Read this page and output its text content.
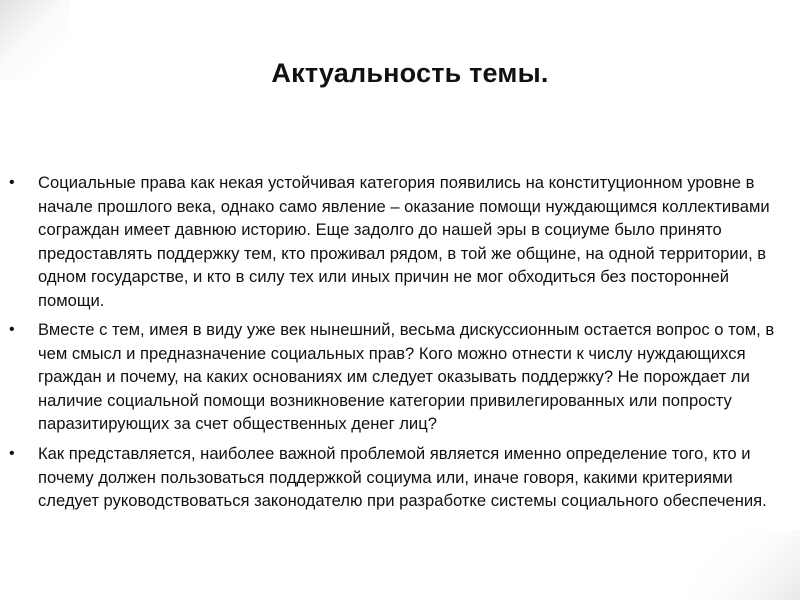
Актуальность темы.
• Социальные права как некая устойчивая категория появились на конституционном уровне в начале прошлого века, однако само явление – оказание помощи нуждающимся коллективами сограждан имеет давнюю историю. Еще задолго до нашей эры в социуме было принято предоставлять поддержку тем, кто проживал рядом, в той же общине, на одной территории, в одном государстве, и кто в силу тех или иных причин не мог обходиться без посторонней помощи.
• Вместе с тем, имея в виду уже век нынешний, весьма дискуссионным остается вопрос о том, в чем смысл и предназначение социальных прав? Кого можно отнести к числу нуждающихся граждан и почему, на каких основаниях им следует оказывать поддержку? Не порождает ли наличие социальной помощи возникновение категории привилегированных или попросту паразитирующих за счет общественных денег лиц?
• Как представляется, наиболее важной проблемой является именно определение того, кто и почему должен пользоваться поддержкой социума или, иначе говоря, какими критериями следует руководствоваться законодателю при разработке системы социального обеспечения.
